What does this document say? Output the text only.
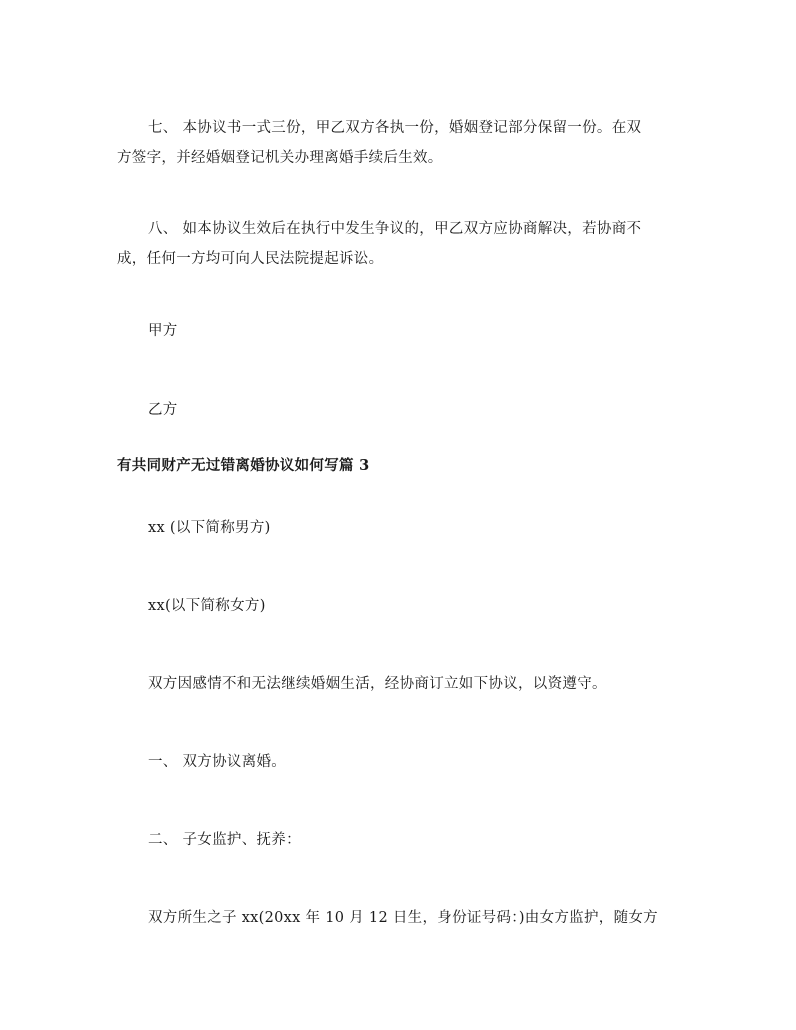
七、 本协议书一式三份，甲乙双方各执一份，婚姻登记部分保留一份。在双
方签字，并经婚姻登记机关办理离婚手续后生效。

八、 如本协议生效后在执行中发生争议的，甲乙双方应协商解决，若协商不
成，任何一方均可向人民法院提起诉讼。

甲方

乙方

有共同财产无过错离婚协议如何写篇 3

xx (以下简称男方)

xx(以下简称女方)

双方因感情不和无法继续婚姻生活，经协商订立如下协议，以资遵守。

一、 双方协议离婚。

二、 子女监护、抚养：

双方所生之子 xx(20xx 年 10 月 12 日生，身份证号码：)由女方监护，随女方
